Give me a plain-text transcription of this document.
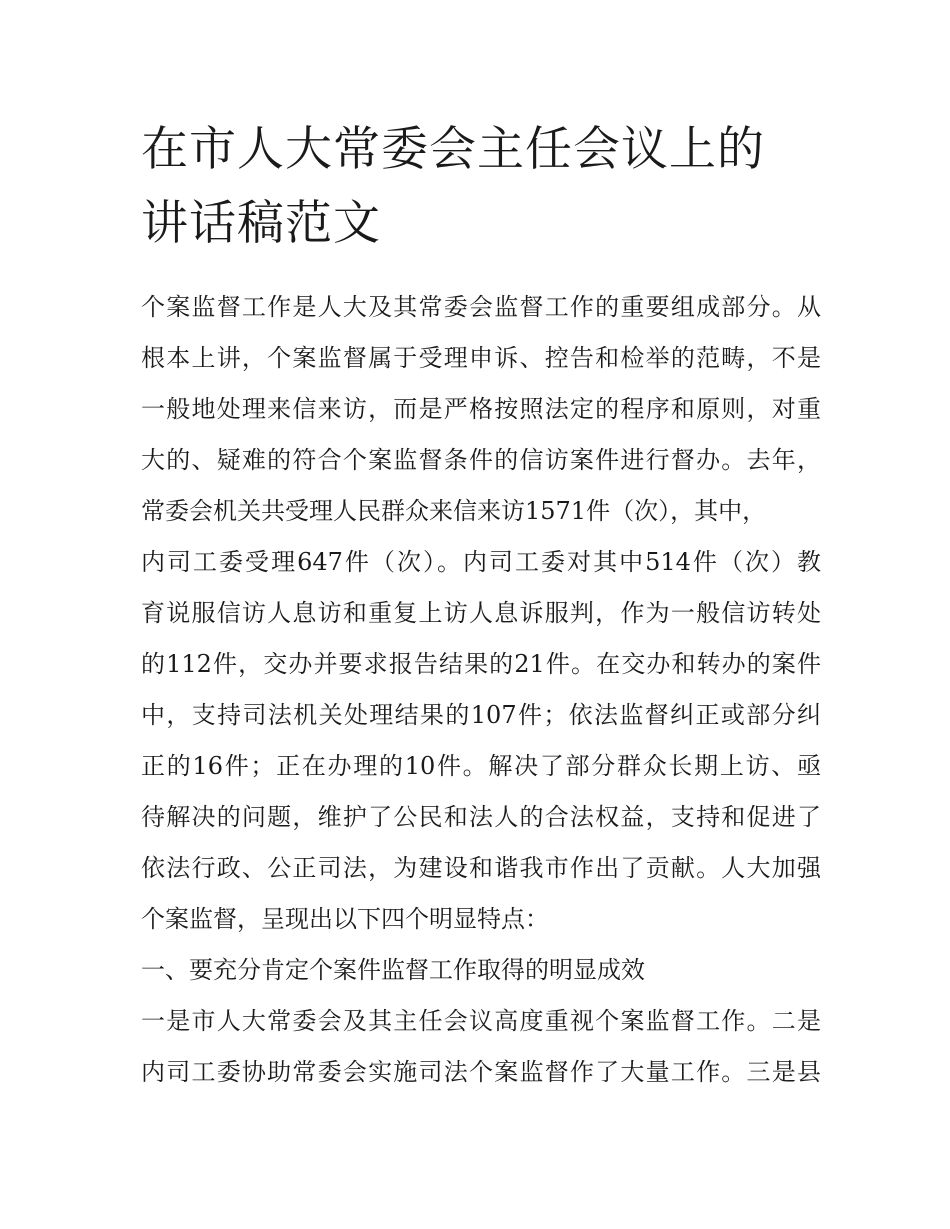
在市人大常委会主任会议上的
讲话稿范文
个案监督工作是人大及其常委会监督工作的重要组成部分。从
根本上讲，个案监督属于受理申诉、控告和检举的范畴，不是
一般地处理来信来访，而是严格按照法定的程序和原则，对重
大的、疑难的符合个案监督条件的信访案件进行督办。去年，
常委会机关共受理人民群众来信来访1571件（次），其中，
内司工委受理647件（次）。内司工委对其中514件（次）教
育说服信访人息访和重复上访人息诉服判，作为一般信访转处
的112件，交办并要求报告结果的21件。在交办和转办的案件
中，支持司法机关处理结果的107件；依法监督纠正或部分纠
正的16件；正在办理的10件。解决了部分群众长期上访、亟
待解决的问题，维护了公民和法人的合法权益，支持和促进了
依法行政、公正司法，为建设和谐我市作出了贡献。人大加强
个案监督，呈现出以下四个明显特点：
一、要充分肯定个案件监督工作取得的明显成效
一是市人大常委会及其主任会议高度重视个案监督工作。二是
内司工委协助常委会实施司法个案监督作了大量工作。三是县
